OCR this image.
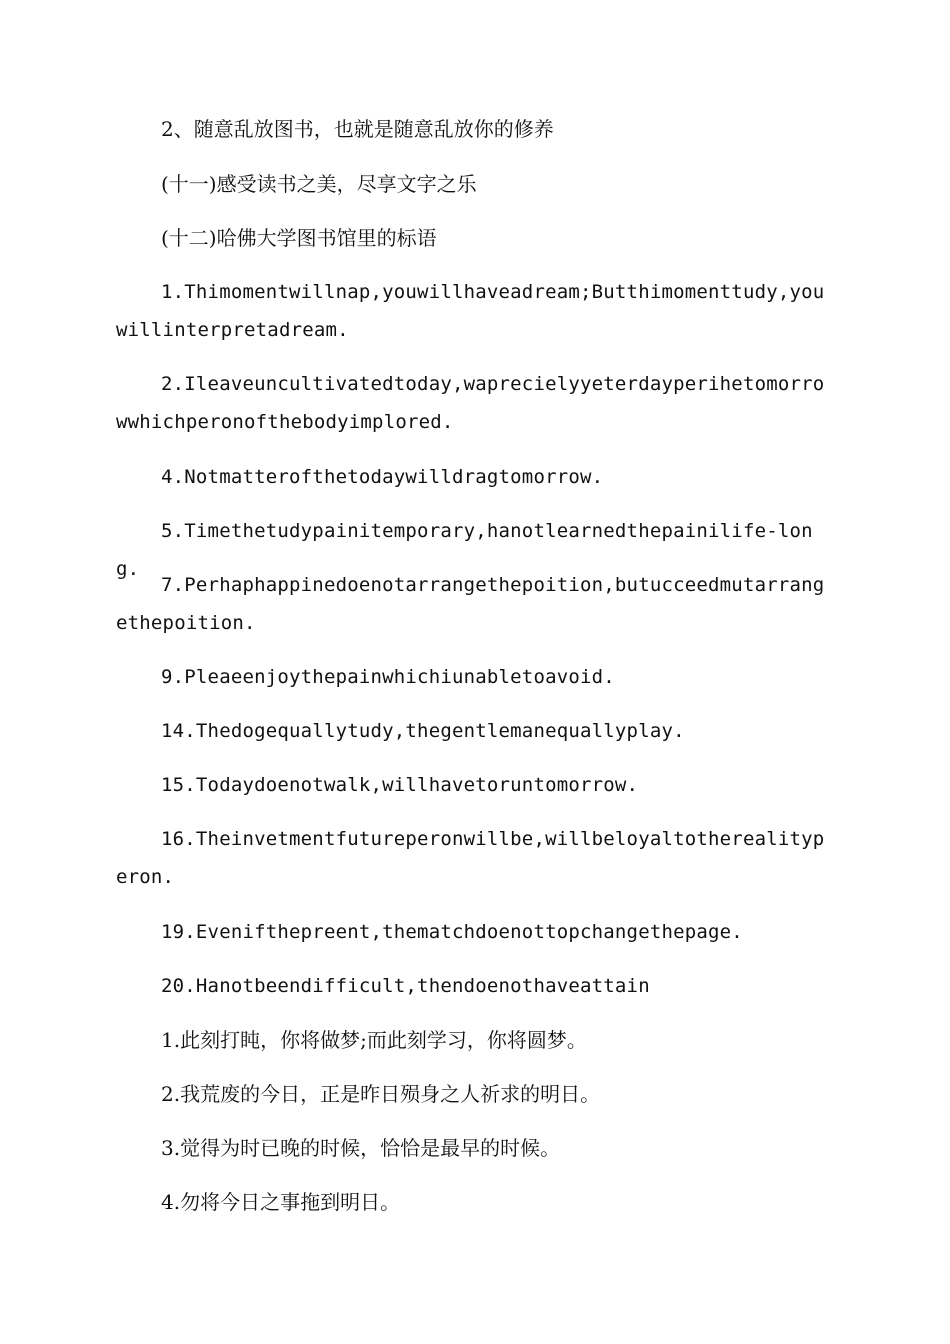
2、随意乱放图书，也就是随意乱放你的修养

(十一)感受读书之美，尽享文字之乐

(十二)哈佛大学图书馆里的标语

1.Thimomentwillnap,youwillhaveadream;Butthimomenttudy,youwillinterpretadream.

2.Ileaveuncultivatedtoday,waprecielyyeterdayperihetomorrowwhichperonofthebodyimplored.

4.Notmatterofthetodaywilldragtomorrow.

5.Timethetudypainitemporary,hanotlearnedthepainilife-long.

7.Perhaphappinedoenotarrangethepoition,butucceedmutarrangethepoition.

9.Pleaeenjoythepainwhichiunabletoavoid.

14.Thedogequallytudy,thegentlemanequallyplay.

15.Todaydoenotwalk,willhavetoruntomorrow.

16.Theinvetmentfutureperonwillbe,willbeloyaltotherealityperon.

19.Evenifthepreent,thematchdoenottopchangethepage.

20.Hanotbeendifficult,thendoenothaveattain

1.此刻打盹，你将做梦;而此刻学习，你将圆梦。

2.我荒废的今日，正是昨日殒身之人祈求的明日。

3.觉得为时已晚的时候，恰恰是最早的时候。

4.勿将今日之事拖到明日。
